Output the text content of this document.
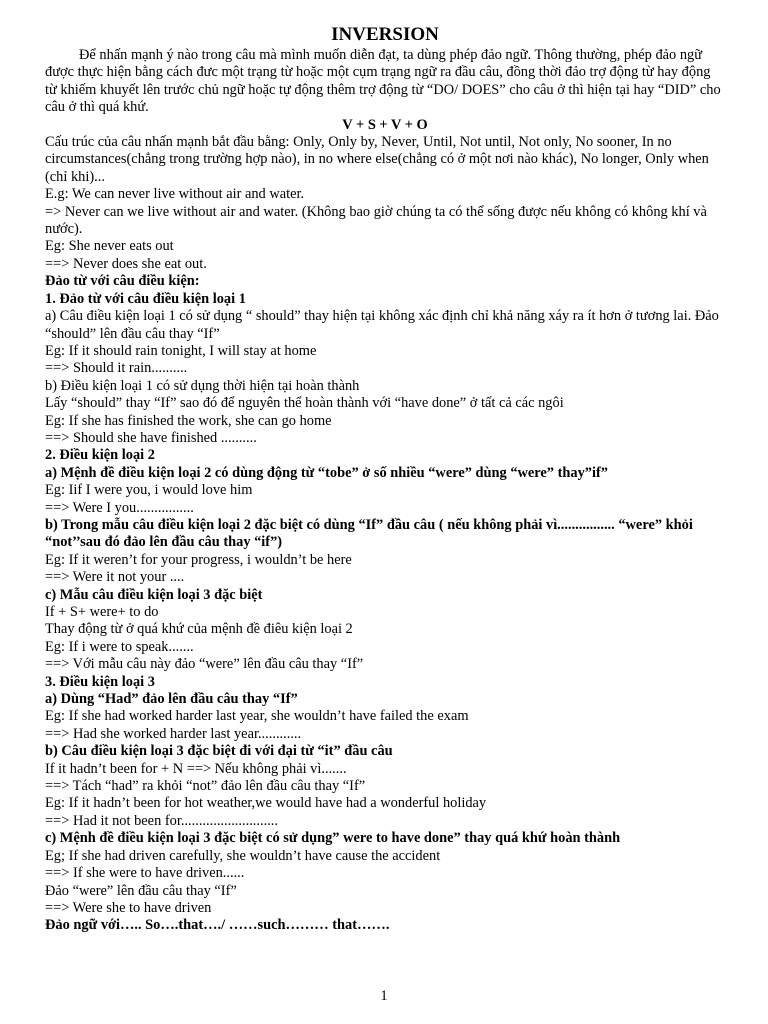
INVERSION
Để nhấn mạnh ý nào trong câu mà mình muốn diễn đạt, ta dùng phép đảo ngữ. Thông thường, phép đảo ngữ được thực hiện bằng cách đưc một trạng từ hoặc một cụm trạng ngữ ra đầu câu, đồng thời đảo trợ động từ hay động từ khiếm khuyết lên trước chủ ngữ hoặc tự động thêm trợ động từ “DO/ DOES” cho câu ở thì hiện tại hay “DID” cho câu ở thì quá khứ.
V + S + V + O
Cấu trúc của câu nhấn mạnh bắt đầu bằng: Only, Only by, Never, Until, Not until, Not only, No sooner, In no circumstances(chẳng trong trường hợp nào), in no where else(chẳng có ở một nơi nào khác), No longer, Only when (chỉ khi)...
E.g: We can never live without air and water.
=> Never can we live without air and water. (Không bao giờ chúng ta có thể sống được nếu không có không khí và nước).
Eg: She never eats out
==> Never does she eat out.
Đảo từ với câu điều kiện:
1. Đảo từ với câu điều kiện loại 1
a) Câu điều kiện loại 1 có sử dụng “ should” thay hiện tại không xác định chỉ khả năng xáy ra ít hơn ở tương lai. Đảo “should” lên đầu câu thay “If”
Eg: If it should rain tonight, I will stay at home
==> Should it rain..........
b) Điều kiện loại 1 có sử dụng thời hiện tại hoàn thành
Lấy “should” thay “If” sao đó để nguyên thể hoàn thành với “have done” ở tất cả các ngôi
Eg: If she has finished the work, she can go home
==> Should she have finished ..........
2. Điều kiện loại 2
a) Mệnh đề điều kiện loại 2 có dùng động từ “tobe” ở số nhiều “were” dùng “were” thay”if”
Eg: Iif I were you, i would love him
==> Were I you................
b) Trong mẫu câu điều kiện loại 2 đặc biệt có dùng “If” đầu câu ( nếu không phải vì................ “were” khỏi “not’’sau đó đảo lên đầu câu thay “if”)
Eg: If it weren’t for your progress, i wouldn’t be here
==> Were it not your ....
c) Mẫu câu điều kiện loại 3 đặc biệt
If + S+ were+ to do
Thay động từ ở quá khứ của mệnh đề điêu kiện loại 2
Eg: If i were to speak.......
==> Với mẫu câu này đảo “were” lên đầu câu thay “If”
3. Điều kiện loại 3
a) Dùng “Had” đảo lên đầu câu thay “If”
Eg: If she had worked harder last year, she wouldn’t have failed the exam
==> Had she worked harder last year............
b) Câu điều kiện loại 3 đặc biệt đi với đại từ “it” đầu câu
If it hadn’t been for + N ==> Nếu không phải vì.......
==> Tách “had” ra khỏi “not” đảo lên đầu câu thay “If”
Eg: If it hadn’t been for hot weather,we would have had a wonderful holiday
==> Had it not been for...........................
c) Mệnh đề điều kiện loại 3 đặc biệt có sử dụng” were to have done” thay quá khứ hoàn thành
Eg; If she had driven carefully, she wouldn’t have cause the accident
==> If she were to have driven......
Đảo “were” lên đầu câu thay “If”
==> Were she to have driven
Đảo ngữ với….. So….that…./ ……such……… that…….
1
